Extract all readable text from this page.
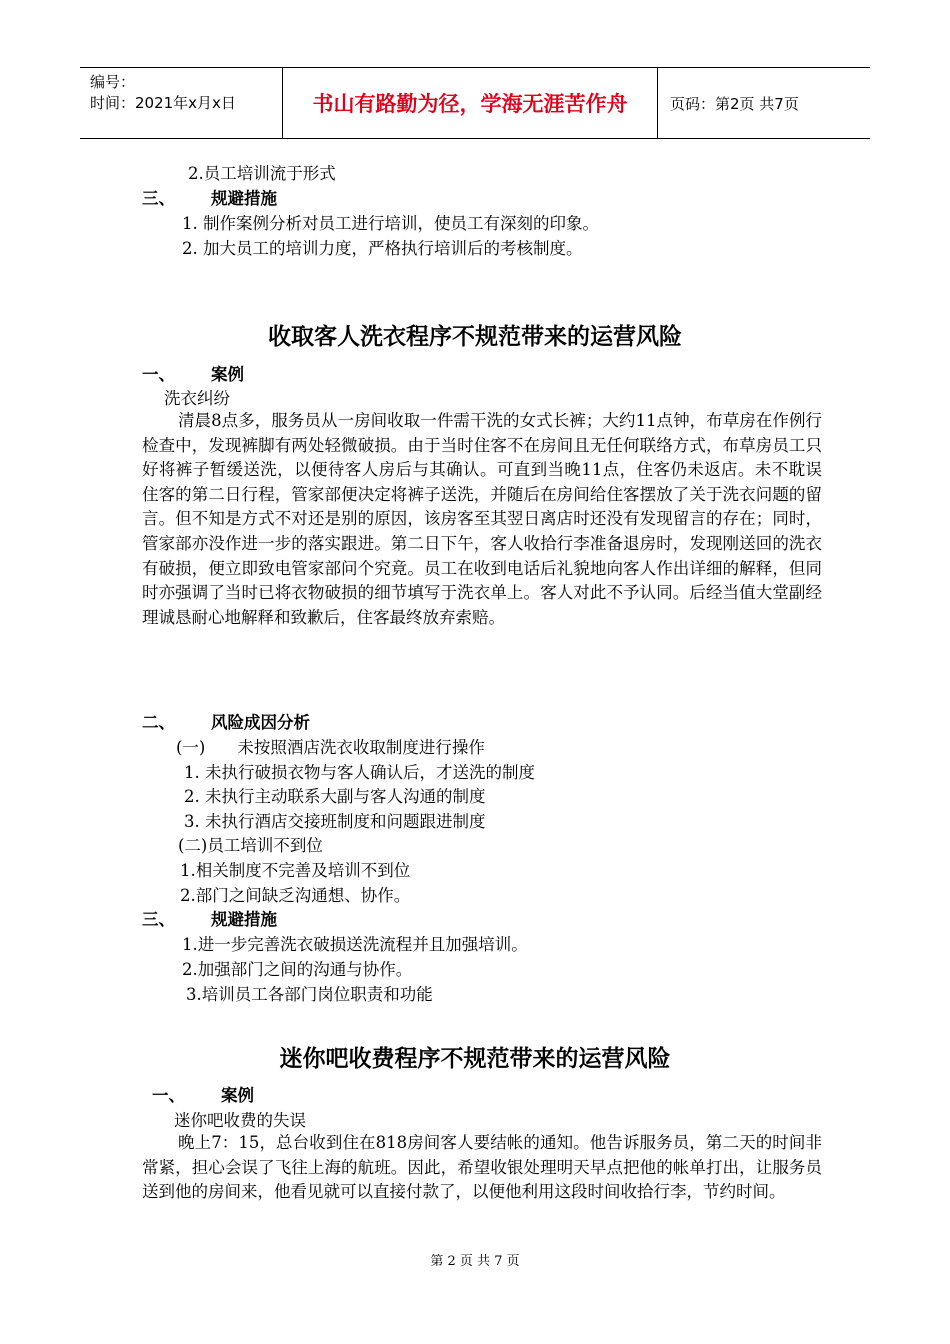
编号：
时间：2021年x月x日	书山有路勤为径，学海无涯苦作舟	页码：第2页 共7页
2.员工培训流于形式
三、 规避措施
1. 制作案例分析对员工进行培训，使员工有深刻的印象。
2. 加大员工的培训力度，严格执行培训后的考核制度。
收取客人洗衣程序不规范带来的运营风险
一、 案例
洗衣纠纷
清晨8点多，服务员从一房间收取一件需干洗的女式长裤；大约11点钟，布草房在作例行检查中，发现裤脚有两处轻微破损。由于当时住客不在房间且无任何联络方式，布草房员工只好将裤子暂缓送洗，以便待客人房后与其确认。可直到当晚11点，住客仍未返店。未不耽误住客的第二日行程，管家部便决定将裤子送洗，并随后在房间给住客摆放了关于洗衣问题的留言。但不知是方式不对还是别的原因，该房客至其翌日离店时还没有发现留言的存在；同时，管家部亦没作进一步的落实跟进。第二日下午，客人收拾行李准备退房时，发现刚送回的洗衣有破损，便立即致电管家部问个究竟。员工在收到电话后礼貌地向客人作出详细的解释，但同时亦强调了当时已将衣物破损的细节填写于洗衣单上。客人对此不予认同。后经当值大堂副经理诚恳耐心地解释和致歉后，住客最终放弃索赔。
二、 风险成因分析
(一) 未按照酒店洗衣收取制度进行操作
1. 未执行破损衣物与客人确认后，才送洗的制度
2. 未执行主动联系大副与客人沟通的制度
3. 未执行酒店交接班制度和问题跟进制度
(二)员工培训不到位
1.相关制度不完善及培训不到位
2.部门之间缺乏沟通想、协作。
三、 规避措施
1.进一步完善洗衣破损送洗流程并且加强培训。
2.加强部门之间的沟通与协作。
3.培训员工各部门岗位职责和功能
迷你吧收费程序不规范带来的运营风险
一、 案例
迷你吧收费的失误
晚上7：15，总台收到住在818房间客人要结帐的通知。他告诉服务员，第二天的时间非常紧，担心会误了飞往上海的航班。因此，希望收银处理明天早点把他的帐单打出，让服务员送到他的房间来，他看见就可以直接付款了，以便他利用这段时间收拾行李，节约时间。
第 2 页 共 7 页
